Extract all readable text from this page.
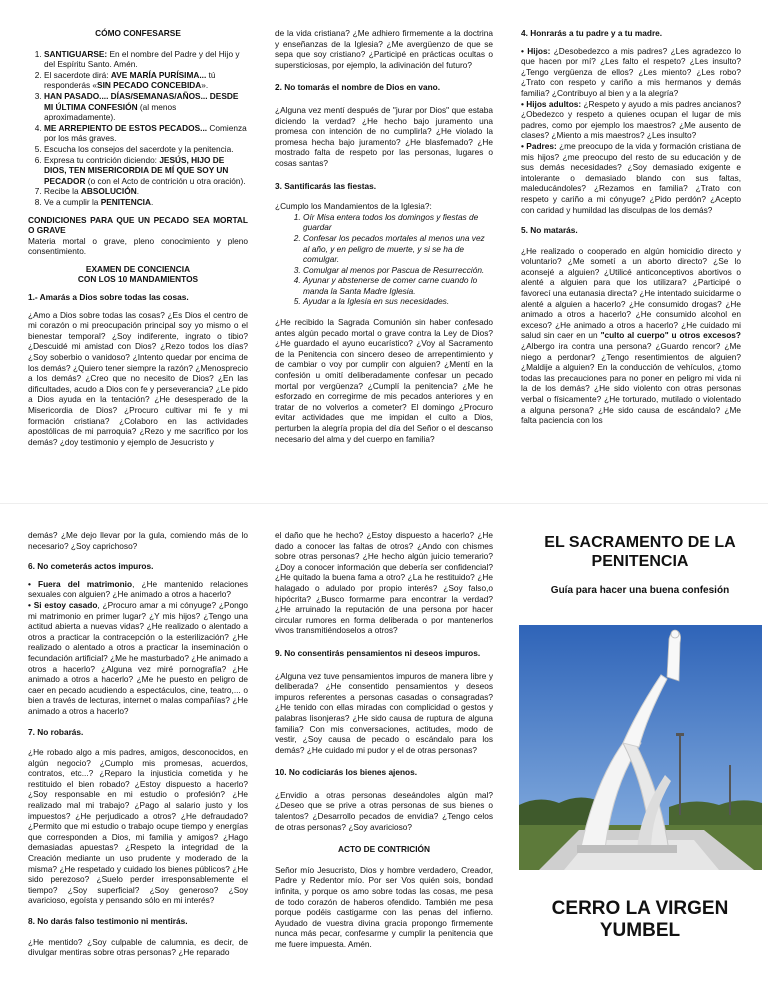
CÓMO CONFESARSE

1. SANTIGUARSE: En el nombre del Padre y del Hijo y del Espíritu Santo. Amén.
2. El sacerdote dirá: AVE MARÍA PURÍSIMA... tú responderás «SIN PECADO CONCEBIDA».
3. HAN PASADO.... DÍAS/SEMANAS/AÑOS... DESDE MI ÚLTIMA CONFESIÓN (al menos aproximadamente).
4. ME ARREPIENTO DE ESTOS PECADOS... Comienza por los más graves.
5. Escucha los consejos del sacerdote y la penitencia.
6. Expresa tu contrición diciendo: JESÚS, HIJO DE DIOS, TEN MISERICORDIA DE MÍ QUE SOY UN PECADOR (o con el Acto de contrición u otra oración).
7. Recibe la ABSOLUCIÓN.
8. Ve a cumplir la PENITENCIA.

CONDICIONES PARA QUE UN PECADO SEA MORTAL O GRAVE

Materia mortal o grave, pleno conocimiento y pleno consentimiento.

EXAMEN DE CONCIENCIA

CON LOS 10 MANDAMIENTOS

1.- Amarás a Dios sobre todas las cosas.

¿Amo a Dios sobre todas las cosas? ¿Es Dios el centro de mi corazón o mi preocupación principal soy yo mismo o el bienestar temporal? ¿Soy indiferente, ingrato o tibio? ¿Descuidé mi amistad con Dios? ¿Rezo todos los días? ¿Soy soberbio o vanidoso? ¿Intento quedar por encima de los demás? ¿Quiero tener siempre la razón? ¿Menosprecio a los demás? ¿Creo que no necesito de Dios? ¿En las dificultades, acudo a Dios con fe y perseverancia? ¿Le pido a Dios ayuda en la tentación? ¿He desesperado de la Misericordia de Dios? ¿Procuro cultivar mi fe y mi formación cristiana? ¿Colaboro en las actividades apostólicas de mi parroquia? ¿Rezo y me sacrifico por los demás? ¿doy testimonio y ejemplo de Jesucristo y

de la vida cristiana? ¿Me adhiero firmemente a la doctrina y enseñanzas de la Iglesia? ¿Me avergüenzo de que se sepa que soy cristiano? ¿Participé en prácticas ocultas o supersticiosas, por ejemplo, la adivinación del futuro?

2. No tomarás el nombre de Dios en vano.

¿Alguna vez mentí después de "jurar por Dios" que estaba diciendo la verdad? ¿He hecho bajo juramento una promesa con intención de no cumplirla? ¿He violado la promesa hecha bajo juramento? ¿He blasfemado? ¿He mostrado falta de respeto por las personas, lugares o cosas santas?

3. Santificarás las fiestas.

¿Cumplo los Mandamientos de la Iglesia?:

1. Oír Misa entera todos los domingos y fiestas de guardar
2. Confesar los pecados mortales al menos una vez al año, y en peligro de muerte, y si se ha de comulgar.
3. Comulgar al menos por Pascua de Resurrección.
4. Ayunar y abstenerse de comer carne cuando lo manda la Santa Madre Iglesia.
5. Ayudar a la Iglesia en sus necesidades.

¿He recibido la Sagrada Comunión sin haber confesado antes algún pecado mortal o grave contra la Ley de Dios? ¿He guardado el ayuno eucarístico? ¿Voy al Sacramento de la Penitencia con sincero deseo de arrepentimiento y de cambiar o voy por cumplir con alguien? ¿Mentí en la confesión u omití deliberadamente confesar un pecado mortal por vergüenza? ¿Cumplí la penitencia? ¿Me he esforzado en corregirme de mis pecados anteriores y en tratar de no volverlos a cometer? El domingo ¿Procuro evitar actividades que me impidan el culto a Dios, perturben la alegría propia del día del Señor o el descanso necesario del alma y del cuerpo en familia?

4. Honrarás a tu padre y a tu madre.

• Hijos: ¿Desobedezco a mis padres? ¿Les agradezco lo que hacen por mí? ¿Les falto el respeto? ¿Les insulto? ¿Tengo vergüenza de ellos? ¿Les miento? ¿Les robo? ¿Trato con respeto y cariño a mis hermanos y demás familia? ¿Contribuyo al bien y a la alegría?

• Hijos adultos: ¿Respeto y ayudo a mis padres ancianos? ¿Obedezco y respeto a quienes ocupan el lugar de mis padres, como por ejemplo los maestros? ¿Me ausento de clases? ¿Miento a mis maestros? ¿Les insulto?

• Padres: ¿me preocupo de la vida y formación cristiana de mis hijos? ¿me preocupo del resto de su educación y de sus demás necesidades? ¿Soy demasiado exigente e intolerante o demasiado blando con sus faltas, maleducándoles? ¿Rezamos en familia? ¿Trato con respeto y cariño a mi cónyuge? ¿Pido perdón? ¿Acepto con caridad y humildad las disculpas de los demás?

5. No matarás.

¿He realizado o cooperado en algún homicidio directo y voluntario? ¿Me sometí a un aborto directo? ¿Se lo aconsejé a alguien? ¿Utilicé anticonceptivos abortivos o alenté a alguien para que los utilizara? ¿Participé o favorecí una eutanasia directa? ¿He intentado suicidarme o alenté a alguien a hacerlo? ¿He consumido drogas? ¿He animado a otros a hacerlo? ¿He consumido alcohol en exceso? ¿He animado a otros a hacerlo? ¿He cuidado mi salud sin caer en un "culto al cuerpo" u otros excesos? ¿Albergo ira contra una persona? ¿Guardo rencor? ¿Me niego a perdonar? ¿Tengo resentimientos de alguien? ¿Maldije a alguien? En la conducción de vehículos, ¿tomo todas las precauciones para no poner en peligro mi vida ni la de los demás? ¿He sido violento con otras personas verbal o físicamente? ¿He torturado, mutilado o violentado a alguna persona? ¿He sido causa de escándalo? ¿Me falta paciencia con los

demás? ¿Me dejo llevar por la gula, comiendo más de lo necesario? ¿Soy caprichoso?

6. No cometerás actos impuros.

• Fuera del matrimonio, ¿He mantenido relaciones sexuales con alguien? ¿He animado a otros a hacerlo?

• Si estoy casado, ¿Procuro amar a mi cónyuge? ¿Pongo mi matrimonio en primer lugar? ¿Y mis hijos? ¿Tengo una actitud abierta a nuevas vidas? ¿He realizado o alentado a otros a practicar la contracepción o la esterilización? ¿He realizado o alentado a otros a practicar la inseminación o fecundación artificial? ¿Me he masturbado? ¿He animado a otros a hacerlo? ¿Alguna vez miré pornografía? ¿He animado a otros a hacerlo? ¿Me he puesto en peligro de caer en pecado acudiendo a espectáculos, cine, teatro,... o bien a través de lecturas, internet o malas compañías? ¿He animado a otros a hacerlo?

7. No robarás.

¿He robado algo a mis padres, amigos, desconocidos, en algún negocio? ¿Cumplo mis promesas, acuerdos, contratos, etc...? ¿Reparo la injusticia cometida y he restituido el bien robado? ¿Estoy dispuesto a hacerlo? ¿Soy responsable en mi estudio o profesión? ¿He realizado mal mi trabajo? ¿Pago al salario justo y los impuestos? ¿He perjudicado a otros? ¿He defraudado? ¿Permito que mi estudio o trabajo ocupe tiempo y energías que corresponden a Dios, mi familia y amigos? ¿Hago demasiadas apuestas? ¿Respeto la integridad de la Creación mediante un uso prudente y moderado de la misma? ¿He respetado y cuidado los bienes públicos? ¿He sido perezoso? ¿Suelo perder irresponsablemente el tiempo? ¿Soy superficial? ¿Soy generoso? ¿Soy avaricioso, egoísta y pensando sólo en mi interés?

8. No darás falso testimonio ni mentirás.

¿He mentido? ¿Soy culpable de calumnia, es decir, de divulgar mentiras sobre otras personas? ¿He reparado

el daño que he hecho? ¿Estoy dispuesto a hacerlo? ¿He dado a conocer las faltas de otros? ¿Ando con chismes sobre otras personas? ¿He hecho algún juicio temerario? ¿Doy a conocer información que debería ser confidencial? ¿He quitado la buena fama a otro? ¿La he restituido? ¿He halagado o adulado por propio interés? ¿Soy falso,o hipócrita? ¿Busco formarme para encontrar la verdad? ¿He arruinado la reputación de una persona por hacer circular rumores en forma deliberada o por mantenerlos vivos transmitiéndoselos a otros?

9. No consentirás pensamientos ni deseos impuros.

¿Alguna vez tuve pensamientos impuros de manera libre y deliberada? ¿He consentido pensamientos y deseos impuros referentes a personas casadas o consagradas? ¿He tenido con ellas miradas con complicidad o gestos y palabras lisonjeras? ¿He sido causa de ruptura de alguna familia? Con mis conversaciones, actitudes, modo de vestir, ¿Soy causa de pecado o escándalo para los demás? ¿He cuidado mi pudor y el de otras personas?

10. No codiciarás los bienes ajenos.

¿Envidio a otras personas deseándoles algún mal? ¿Deseo que se prive a otras personas de sus bienes o talentos? ¿Desarrollo pecados de envidia? ¿Tengo celos de otras personas? ¿Soy avaricioso?

ACTO DE CONTRICIÓN

Señor mío Jesucristo, Dios y hombre verdadero, Creador, Padre y Redentor mío. Por ser Vos quién sois, bondad infinita, y porque os amo sobre todas las cosas, me pesa de todo corazón de haberos ofendido. También me pesa porque podéis castigarme con las penas del infierno. Ayudado de vuestra divina gracia propongo firmemente nunca más pecar, confesarme y cumplir la penitencia que me fuere impuesta. Amén.

EL SACRAMENTO DE LA
PENITENCIA
Guía para hacer una buena confesión
CERRO LA VIRGEN
YUMBEL
